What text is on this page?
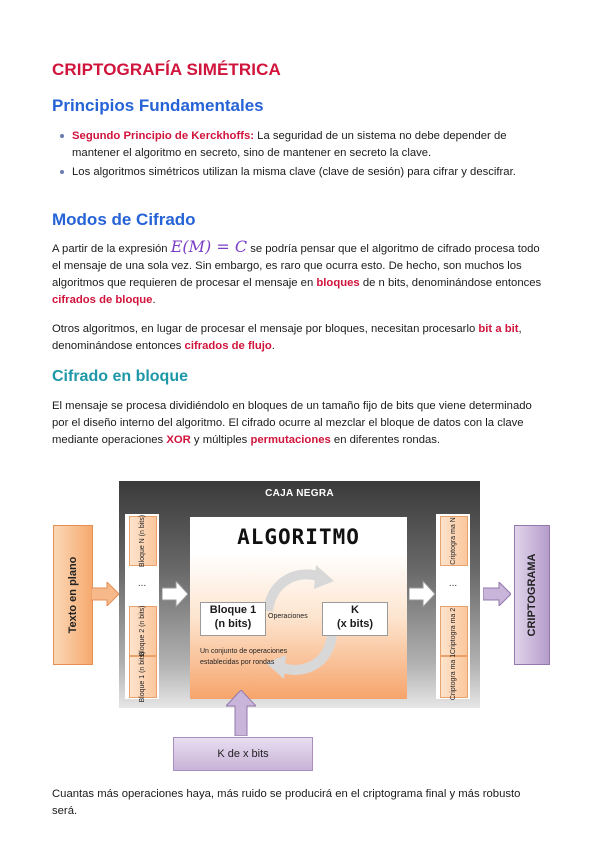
CRIPTOGRAFÍA SIMÉTRICA
Principios Fundamentales
Segundo Principio de Kerckhoffs: La seguridad de un sistema no debe depender de mantener el algoritmo en secreto, sino de mantener en secreto la clave.
Los algoritmos simétricos utilizan la misma clave (clave de sesión) para cifrar y descifrar.
Modos de Cifrado

A partir de la expresión E(M) = C se podría pensar que el algoritmo de cifrado procesa todo el mensaje de una sola vez. Sin embargo, es raro que ocurra esto. De hecho, son muchos los algoritmos que requieren de procesar el mensaje en bloques de n bits, denominándose entonces cifrados de bloque.

Otros algoritmos, en lugar de procesar el mensaje por bloques, necesitan procesarlo bit a bit, denominándose entonces cifrados de flujo.

Cifrado en bloque

El mensaje se procesa dividiéndolo en bloques de un tamaño fijo de bits que viene determinado por el diseño interno del algoritmo. El cifrado ocurre al mezclar el bloque de datos con la clave mediante operaciones XOR y múltiples permutaciones en diferentes rondas.

Cuantas más operaciones haya, más ruido se producirá en el criptograma final y más robusto será.

Texto en plano
CAJA NEGRA
Bloque N (n bits)
...
Bloque 2 (n bits)
Bloque 1 (n bits)
ALGORITMO
Bloque 1
(n bits)
K
(x bits)
Operaciones
Un conjunto de operaciones establecidas por rondas
Criptogra ma N
...
Criptogra ma 2
Criptogra ma 1
CRIPTOGRAMA
K de x bits
